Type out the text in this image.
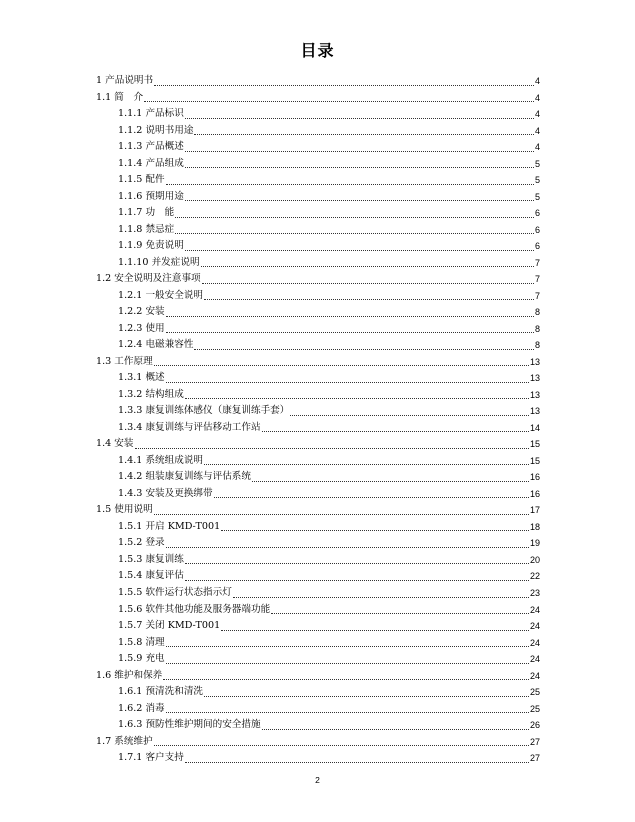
目录
1 产品说明书	4
1.1 简　介	4
1.1.1 产品标识	4
1.1.2 说明书用途	4
1.1.3 产品概述	4
1.1.4 产品组成	5
1.1.5 配件	5
1.1.6 预期用途	5
1.1.7 功　能	6
1.1.8 禁忌症	6
1.1.9 免责说明	6
1.1.10 并发症说明	7
1.2 安全说明及注意事项	7
1.2.1 一般安全说明	7
1.2.2 安装	8
1.2.3 使用	8
1.2.4 电磁兼容性	8
1.3 工作原理	13
1.3.1 概述	13
1.3.2 结构组成	13
1.3.3 康复训练体感仪（康复训练手套）	13
1.3.4 康复训练与评估移动工作站	14
1.4 安装	15
1.4.1 系统组成说明	15
1.4.2 组装康复训练与评估系统	16
1.4.3 安装及更换绑带	16
1.5 使用说明	17
1.5.1 开启 KMD-T001	18
1.5.2 登录	19
1.5.3 康复训练	20
1.5.4 康复评估	22
1.5.5 软件运行状态指示灯	23
1.5.6 软件其他功能及服务器端功能	24
1.5.7 关闭 KMD-T001	24
1.5.8 清理	24
1.5.9 充电	24
1.6 维护和保养	24
1.6.1 预清洗和清洗	25
1.6.2 消毒	25
1.6.3 预防性维护期间的安全措施	26
1.7 系统维护	27
1.7.1 客户支持	27
2
